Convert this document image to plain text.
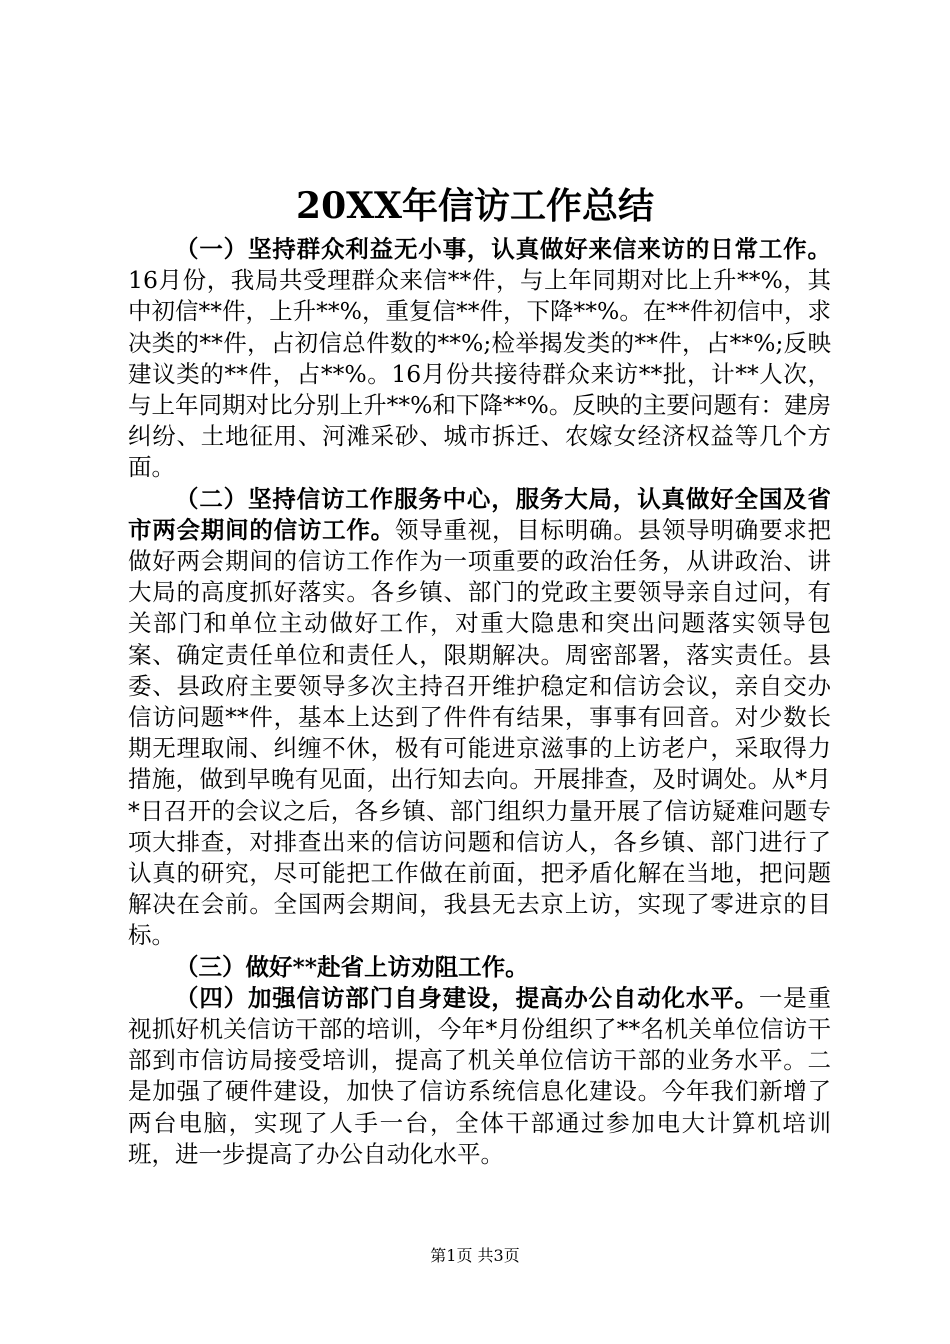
20XX年信访工作总结

（一）坚持群众利益无小事，认真做好来信来访的日常工作。16月份，我局共受理群众来信**件，与上年同期对比上升**%，其中初信**件，上升**%，重复信**件，下降**%。在**件初信中，求决类的**件，占初信总件数的**%;检举揭发类的**件，占**%;反映建议类的**件，占**%。16月份共接待群众来访**批，计**人次，与上年同期对比分别上升**%和下降**%。反映的主要问题有：建房纠纷、土地征用、河滩采砂、城市拆迁、农嫁女经济权益等几个方面。

（二）坚持信访工作服务中心，服务大局，认真做好全国及省市两会期间的信访工作。领导重视，目标明确。县领导明确要求把做好两会期间的信访工作作为一项重要的政治任务，从讲政治、讲大局的高度抓好落实。各乡镇、部门的党政主要领导亲自过问，有关部门和单位主动做好工作，对重大隐患和突出问题落实领导包案、确定责任单位和责任人，限期解决。周密部署，落实责任。县委、县政府主要领导多次主持召开维护稳定和信访会议，亲自交办信访问题**件，基本上达到了件件有结果，事事有回音。对少数长期无理取闹、纠缠不休，极有可能进京滋事的上访老户，采取得力措施，做到早晚有见面，出行知去向。开展排查，及时调处。从*月*日召开的会议之后，各乡镇、部门组织力量开展了信访疑难问题专项大排查，对排查出来的信访问题和信访人，各乡镇、部门进行了认真的研究，尽可能把工作做在前面，把矛盾化解在当地，把问题解决在会前。全国两会期间，我县无去京上访，实现了零进京的目标。

（三）做好**赴省上访劝阻工作。

（四）加强信访部门自身建设，提高办公自动化水平。一是重视抓好机关信访干部的培训，今年*月份组织了**名机关单位信访干部到市信访局接受培训，提高了机关单位信访干部的业务水平。二是加强了硬件建设，加快了信访系统信息化建设。今年我们新增了两台电脑，实现了人手一台，全体干部通过参加电大计算机培训班，进一步提高了办公自动化水平。

第1页 共3页
